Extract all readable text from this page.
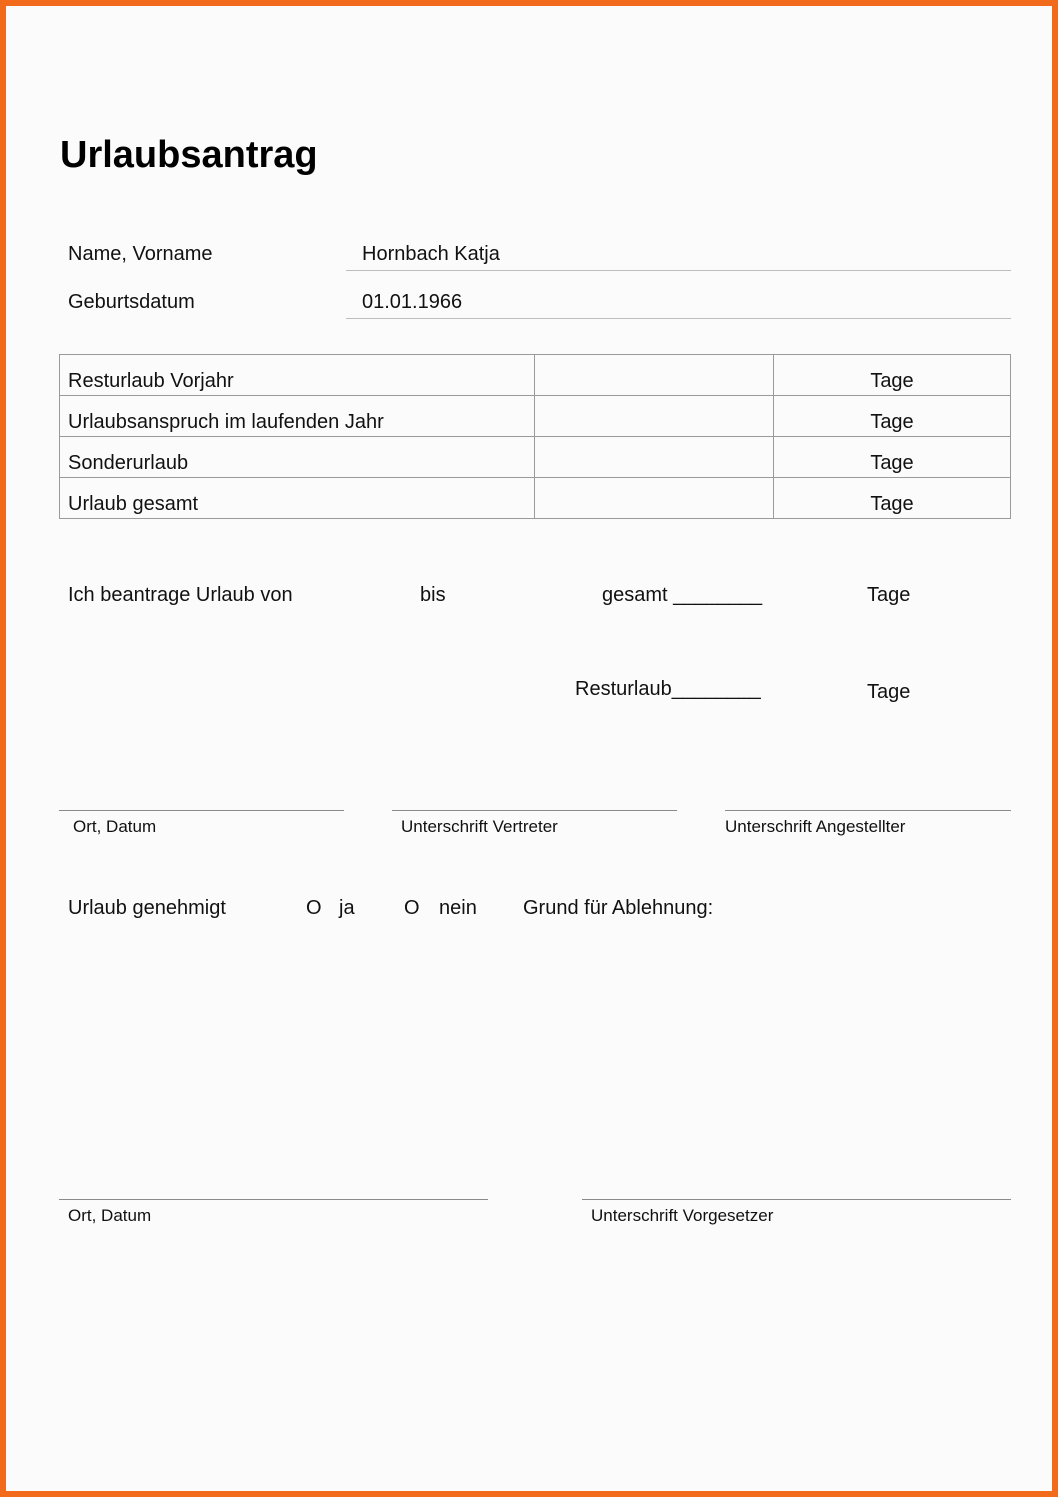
Urlaubsantrag
Name, Vorname	Hornbach Katja
Geburtsdatum	01.01.1966
Resturlaub Vorjahr		Tage
Urlaubsanspruch im laufenden Jahr		Tage
Sonderurlaub		Tage
Urlaub gesamt		Tage
Ich beantrage Urlaub von	bis	gesamt ________	Tage
Resturlaub________	Tage
Ort, Datum	Unterschrift Vertreter	Unterschrift Angestellter
Urlaub genehmigt	O ja O nein Grund für Ablehnung:
Ort, Datum	Unterschrift Vorgesetzer
